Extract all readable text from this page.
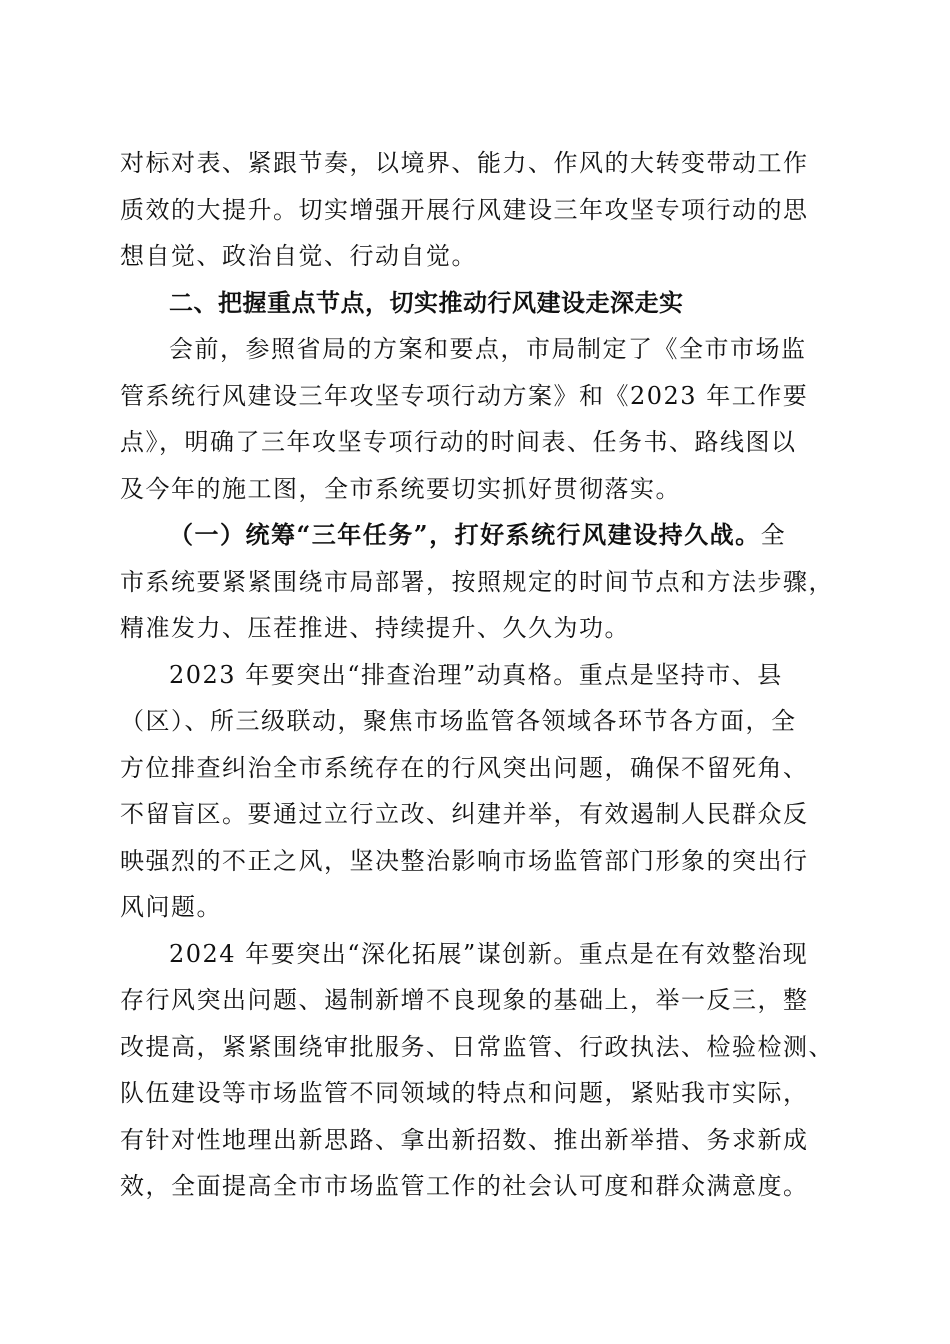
对标对表、紧跟节奏，以境界、能力、作风的大转变带动工作
质效的大提升。切实增强开展行风建设三年攻坚专项行动的思
想自觉、政治自觉、行动自觉。
二、把握重点节点，切实推动行风建设走深走实
会前，参照省局的方案和要点，市局制定了《全市市场监
管系统行风建设三年攻坚专项行动方案》和《2023 年工作要
点》，明确了三年攻坚专项行动的时间表、任务书、路线图以
及今年的施工图，全市系统要切实抓好贯彻落实。
（一）统筹“三年任务”，打好系统行风建设持久战。全
市系统要紧紧围绕市局部署，按照规定的时间节点和方法步骤，
精准发力、压茬推进、持续提升、久久为功。
2023 年要突出“排查治理”动真格。重点是坚持市、县
（区）、所三级联动，聚焦市场监管各领域各环节各方面，全
方位排查纠治全市系统存在的行风突出问题，确保不留死角、
不留盲区。要通过立行立改、纠建并举，有效遏制人民群众反
映强烈的不正之风，坚决整治影响市场监管部门形象的突出行
风问题。
2024 年要突出“深化拓展”谋创新。重点是在有效整治现
存行风突出问题、遏制新增不良现象的基础上，举一反三，整
改提高，紧紧围绕审批服务、日常监管、行政执法、检验检测、
队伍建设等市场监管不同领域的特点和问题，紧贴我市实际，
有针对性地理出新思路、拿出新招数、推出新举措、务求新成
效，全面提高全市市场监管工作的社会认可度和群众满意度。
